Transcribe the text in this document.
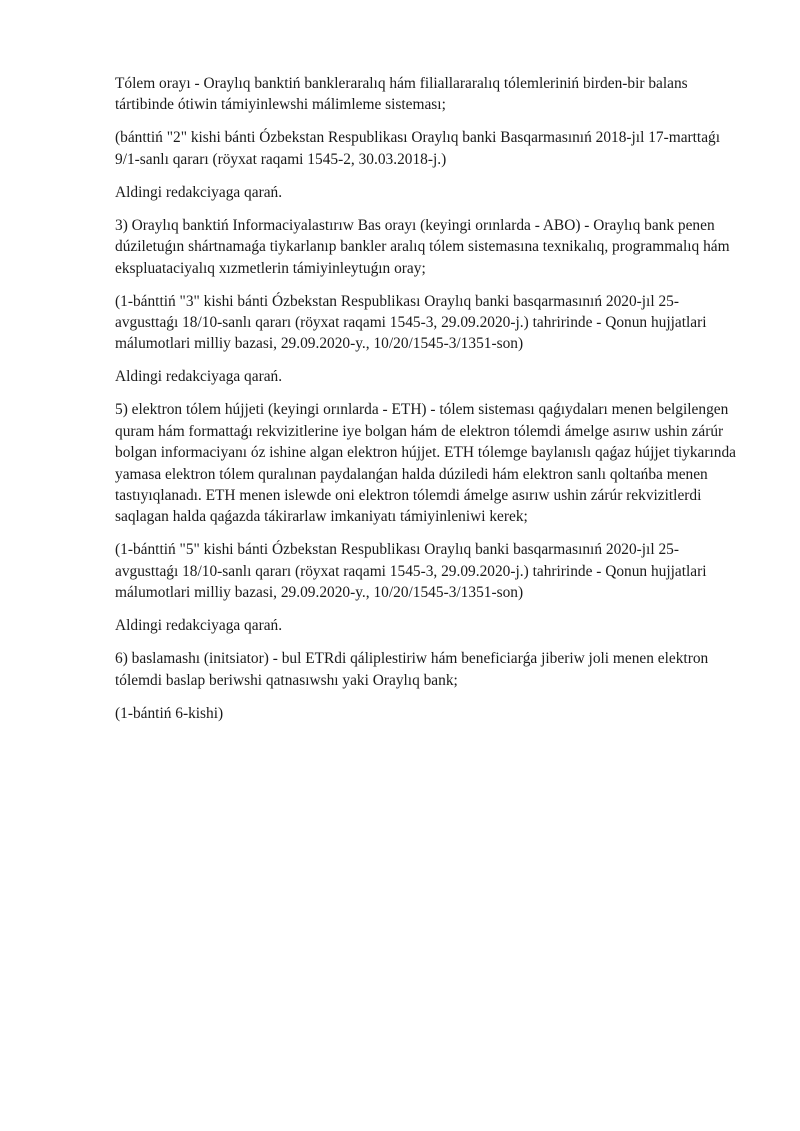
Tólem orayı - Oraylıq banktiń bankleraralıq hám filiallararalıq tólemleriniń birden-bir balans tártibinde ótiwin támiyinlewshi málimleme sisteması;

(bánttiń "2" kishi bánti Ózbekstan Respublikası Oraylıq banki Basqarmasınıń 2018-jıl 17-marttaǵı 9/1-sanlı qararı (röyxat raqami 1545-2, 30.03.2018-j.)

Aldingi redakciyaga qarań.

3) Oraylıq banktiń Informaciyalastırıw Bas orayı (keyingi orınlarda - ABO) - Oraylıq bank penen dúziletuǵın shártnamaǵa tiykarlanıp bankler aralıq tólem sistemasına texnikalıq, programmalıq hám ekspluataciyalıq xızmetlerin támiyinleytuǵın oray;

(1-bánttiń "3" kishi bánti Ózbekstan Respublikası Oraylıq banki basqarmasınıń 2020-jıl 25-avgusttaǵı 18/10-sanlı qararı (röyxat raqami 1545-3, 29.09.2020-j.) tahririnde - Qonun hujjatlari málumotlari milliy bazasi, 29.09.2020-y., 10/20/1545-3/1351-son)

Aldingi redakciyaga qarań.

5) elektron tólem hújjeti (keyingi orınlarda - ETH) - tólem sisteması qaǵıydaları menen belgilengen quram hám formattaǵı rekvizitlerine iye bolgan hám de elektron tólemdi ámelge asırıw ushin zárúr bolgan informaciyanı óz ishine algan elektron hújjet. ETH tólemge baylanıslı qaǵaz hújjet tiykarında yamasa elektron tólem quralınan paydalanǵan halda dúziledi hám elektron sanlı qoltańba menen tastıyıqlanadı. ETH menen islewde oni elektron tólemdi ámelge asırıw ushin zárúr rekvizitlerdi saqlagan halda qaǵazda tákirarlaw imkaniyatı támiyinleniwi kerek;

(1-bánttiń "5" kishi bánti Ózbekstan Respublikası Oraylıq banki basqarmasınıń 2020-jıl 25-avgusttaǵı 18/10-sanlı qararı (röyxat raqami 1545-3, 29.09.2020-j.) tahririnde - Qonun hujjatlari málumotlari milliy bazasi, 29.09.2020-y., 10/20/1545-3/1351-son)

Aldingi redakciyaga qarań.

6) baslamashı (initsiator) - bul ETRdi qáliplestiriw hám beneficiarǵa jiberiw joli menen elektron tólemdi baslap beriwshi qatnasıwshı yaki Oraylıq bank;

(1-bántiń 6-kishi)
